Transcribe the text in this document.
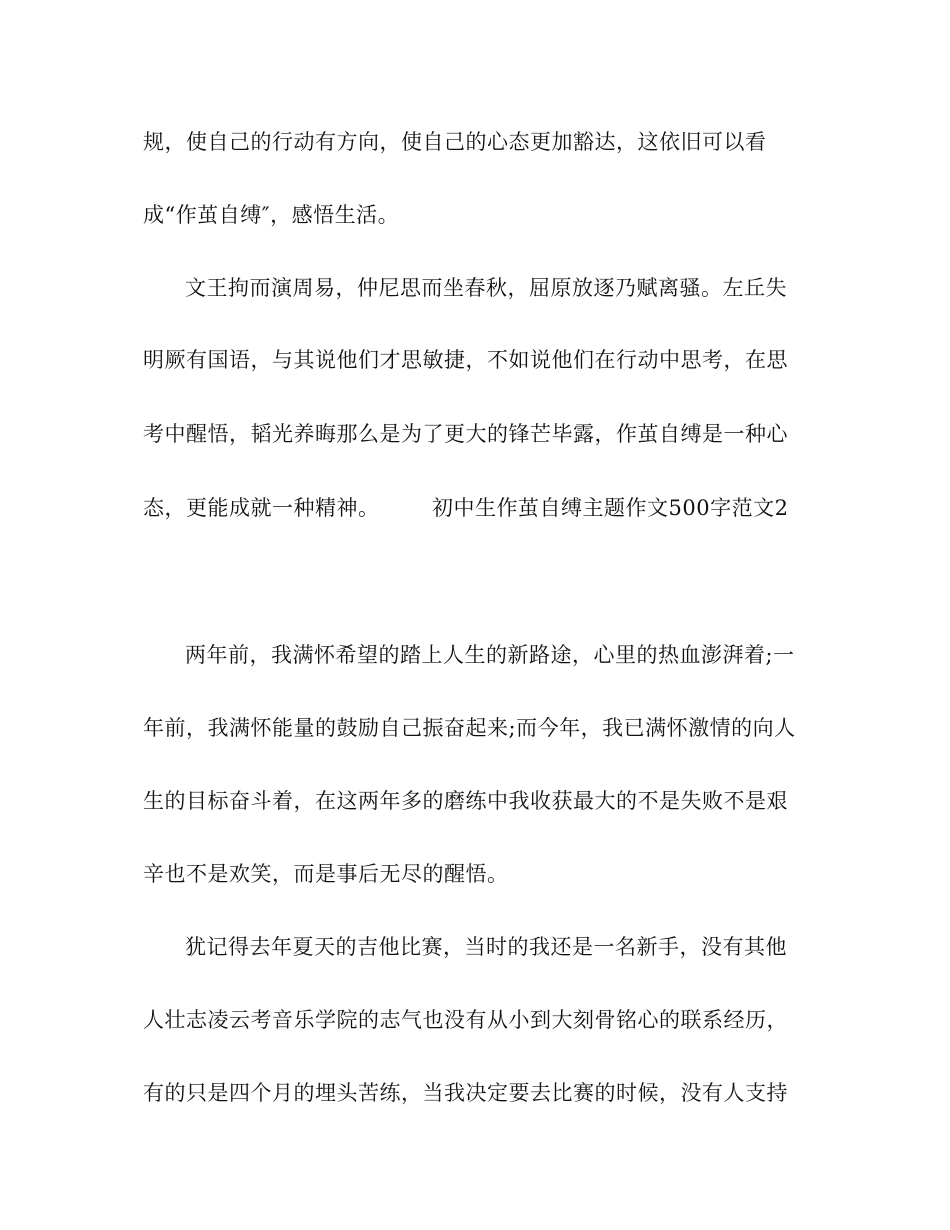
规，使自己的行动有方向，使自己的心态更加豁达，这依旧可以看
成“作茧自缚″，感悟生活。
文王拘而演周易，仲尼思而坐春秋，屈原放逐乃赋离骚。左丘失
明厥有国语，与其说他们才思敏捷，不如说他们在行动中思考，在思
考中醒悟，韬光养晦那么是为了更大的锋芒毕露，作茧自缚是一种心
态，更能成就一种精神。	初中生作茧自缚主题作文500字范文2
两年前，我满怀希望的踏上人生的新路途，心里的热血澎湃着;一
年前，我满怀能量的鼓励自己振奋起来;而今年，我已满怀激情的向人
生的目标奋斗着，在这两年多的磨练中我收获最大的不是失败不是艰
辛也不是欢笑，而是事后无尽的醒悟。
犹记得去年夏天的吉他比赛，当时的我还是一名新手，没有其他
人壮志凌云考音乐学院的志气也没有从小到大刻骨铭心的联系经历，
有的只是四个月的埋头苦练，当我决定要去比赛的时候，没有人支持
